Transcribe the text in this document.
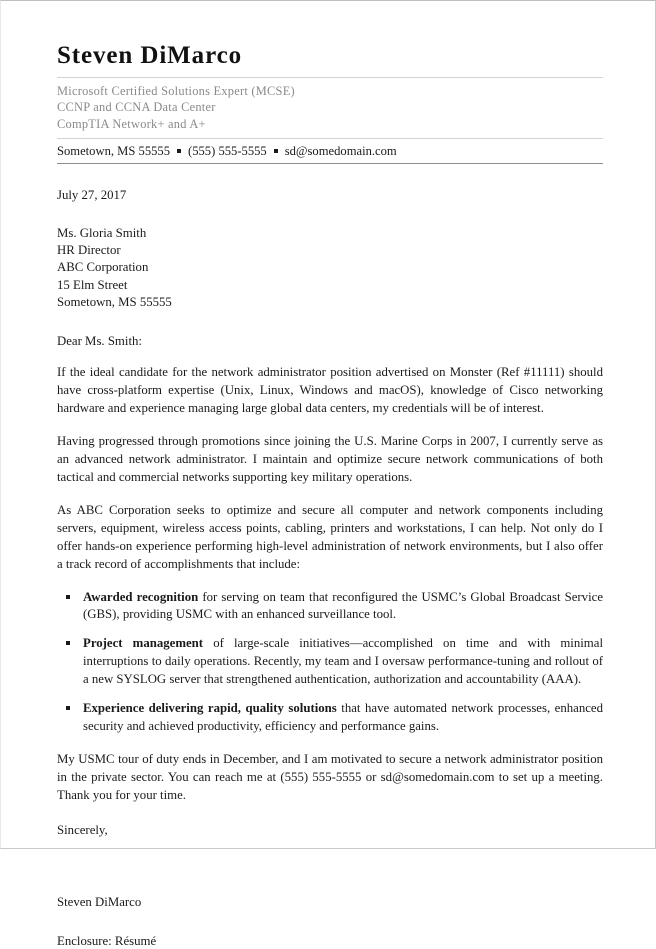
Steven DiMarco
Microsoft Certified Solutions Expert (MCSE)
CCNP and CCNA Data Center
CompTIA Network+ and A+
Sometown, MS 55555 (555) 555-5555 sd@somedomain.com
July 27, 2017
Ms. Gloria Smith
HR Director
ABC Corporation
15 Elm Street
Sometown, MS 55555
Dear Ms. Smith:

If the ideal candidate for the network administrator position advertised on Monster (Ref #11111) should have cross-platform expertise (Unix, Linux, Windows and macOS), knowledge of Cisco networking hardware and experience managing large global data centers, my credentials will be of interest.

Having progressed through promotions since joining the U.S. Marine Corps in 2007, I currently serve as an advanced network administrator. I maintain and optimize secure network communications of both tactical and commercial networks supporting key military operations.

As ABC Corporation seeks to optimize and secure all computer and network components including servers, equipment, wireless access points, cabling, printers and workstations, I can help. Not only do I offer hands-on experience performing high-level administration of network environments, but I also offer a track record of accomplishments that include:

Awarded recognition for serving on team that reconfigured the USMC’s Global Broadcast Service (GBS), providing USMC with an enhanced surveillance tool.
Project management of large-scale initiatives—accomplished on time and with minimal interruptions to daily operations. Recently, my team and I oversaw performance-tuning and rollout of a new SYSLOG server that strengthened authentication, authorization and accountability (AAA).
Experience delivering rapid, quality solutions that have automated network processes, enhanced security and achieved productivity, efficiency and performance gains.

My USMC tour of duty ends in December, and I am motivated to secure a network administrator position in the private sector. You can reach me at (555) 555-5555 or sd@somedomain.com to set up a meeting. Thank you for your time.

Sincerely,
Steven DiMarco
Enclosure: Résumé
